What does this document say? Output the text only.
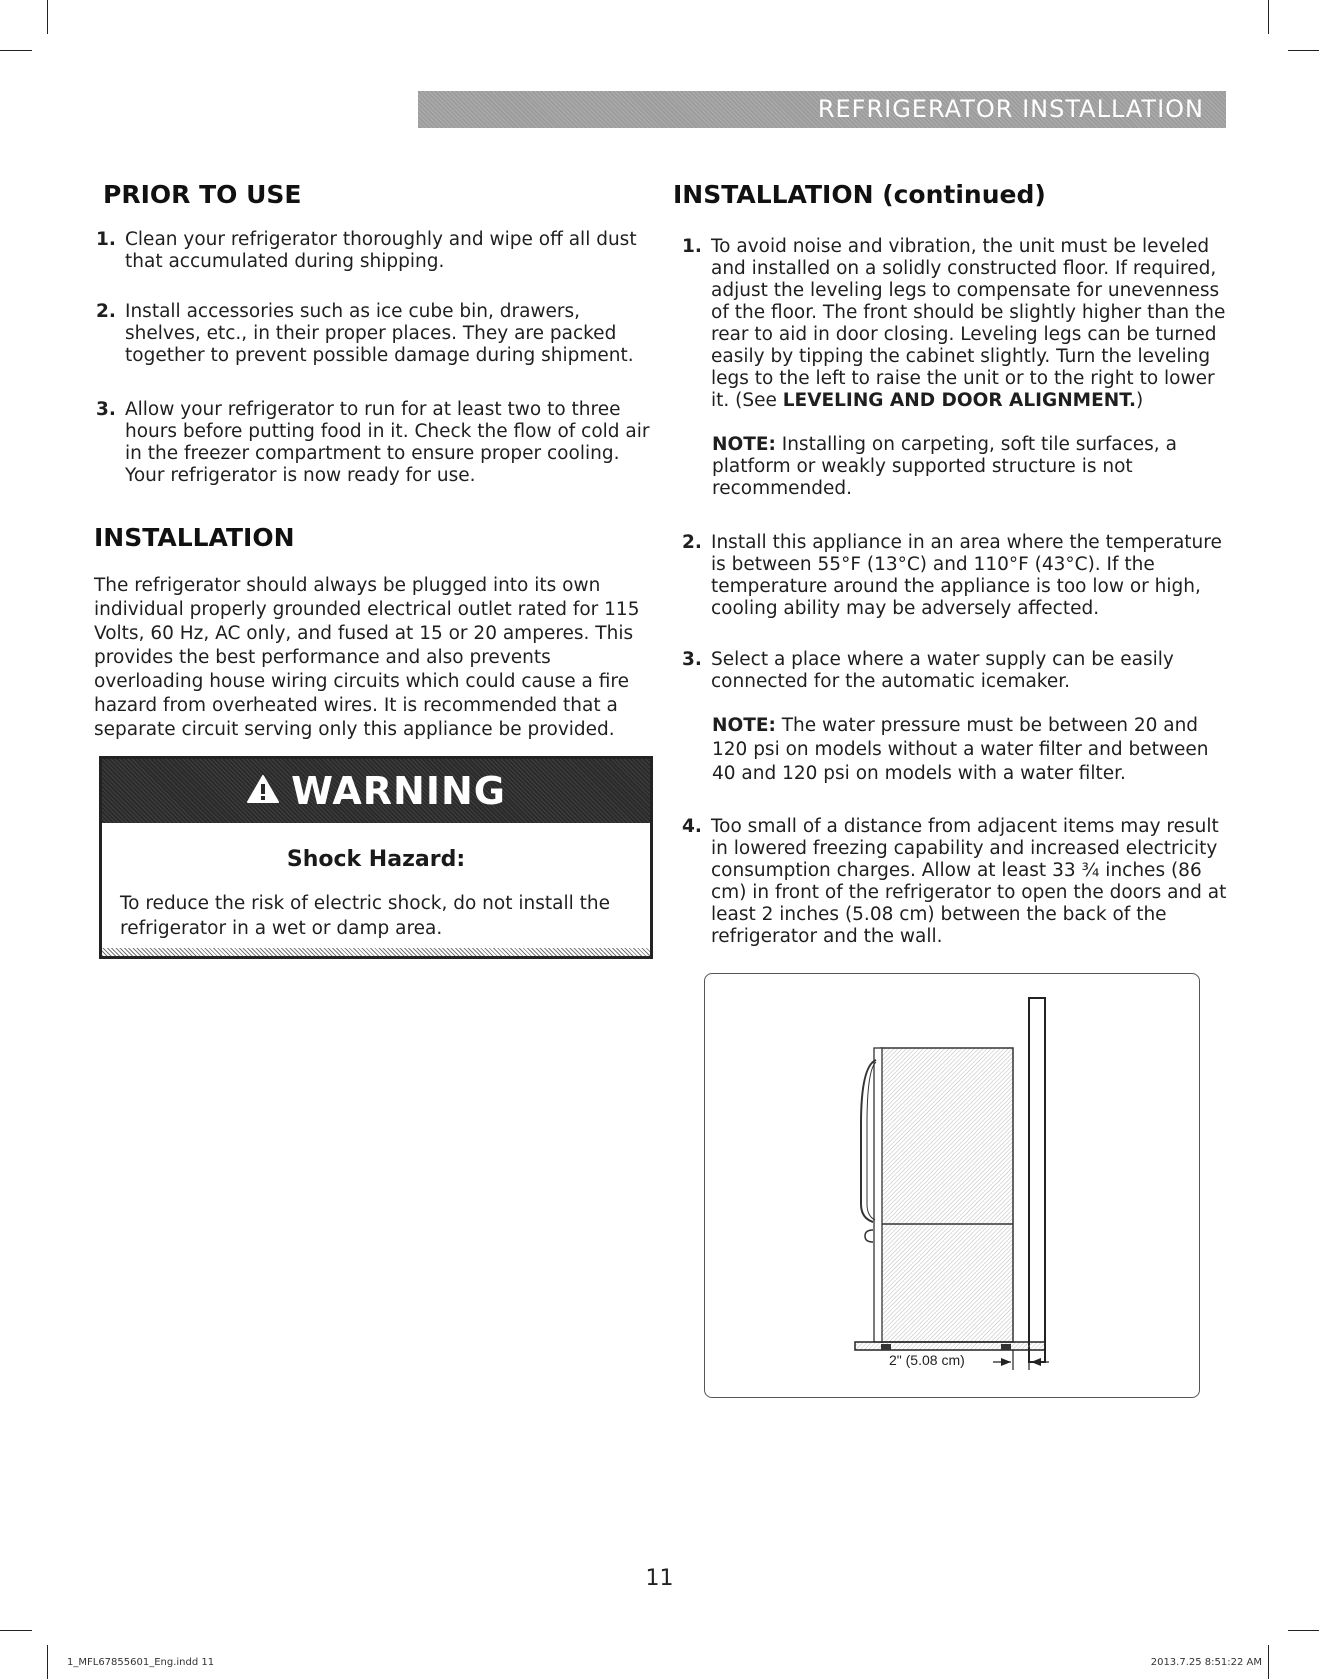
REFRIGERATOR INSTALLATION
PRIOR TO USE
1. Clean your refrigerator thoroughly and wipe off all dust that accumulated during shipping.
2. Install accessories such as ice cube bin, drawers, shelves, etc., in their proper places. They are packed together to prevent possible damage during shipment.
3. Allow your refrigerator to run for at least two to three hours before putting food in it. Check the flow of cold air in the freezer compartment to ensure proper cooling. Your refrigerator is now ready for use.
INSTALLATION
The refrigerator should always be plugged into its own individual properly grounded electrical outlet rated for 115 Volts, 60 Hz, AC only, and fused at 15 or 20 amperes. This provides the best performance and also prevents overloading house wiring circuits which could cause a fire hazard from overheated wires. It is recommended that a separate circuit serving only this appliance be provided.
WARNING
Shock Hazard:
To reduce the risk of electric shock, do not install the refrigerator in a wet or damp area.
INSTALLATION (continued)
1. To avoid noise and vibration, the unit must be leveled and installed on a solidly constructed floor. If required, adjust the leveling legs to compensate for unevenness of the floor. The front should be slightly higher than the rear to aid in door closing. Leveling legs can be turned easily by tipping the cabinet slightly. Turn the leveling legs to the left to raise the unit or to the right to lower it. (See LEVELING AND DOOR ALIGNMENT.)
NOTE: Installing on carpeting, soft tile surfaces, a platform or weakly supported structure is not recommended.
2. Install this appliance in an area where the temperature is between 55°F (13°C) and 110°F (43°C). If the temperature around the appliance is too low or high, cooling ability may be adversely affected.
3. Select a place where a water supply can be easily connected for the automatic icemaker.
NOTE: The water pressure must be between 20 and 120 psi on models without a water filter and between 40 and 120 psi on models with a water filter.
4. Too small of a distance from adjacent items may result in lowered freezing capability and increased electricity consumption charges. Allow at least 33 ¾ inches (86 cm) in front of the refrigerator to open the doors and at least 2 inches (5.08 cm) between the back of the refrigerator and the wall.
2" (5.08 cm)
11
1_MFL67855601_Eng.indd 11	2013.7.25 8:51:22 AM
